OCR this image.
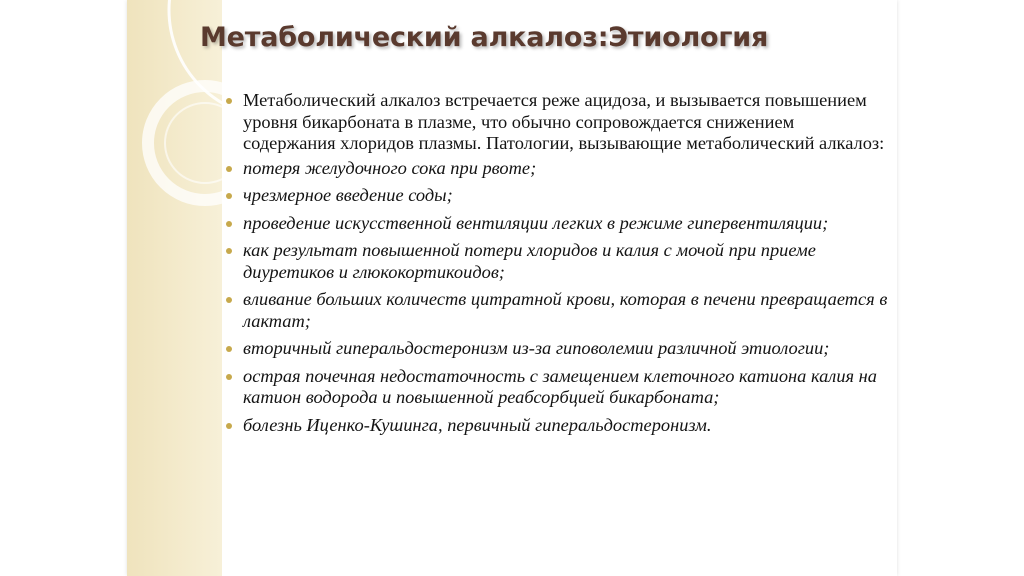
Метаболический алкалоз:Этиология
Метаболический алкалоз встречается реже ацидоза, и вызывается повышением уровня бикарбоната в плазме, что обычно сопровождается снижением содержания хлоридов плазмы. Патологии, вызывающие метаболический алкалоз:
потеря желудочного сока при рвоте;
чрезмерное введение соды;
проведение искусственной вентиляции легких в режиме гипервентиляции;
как результат повышенной потери хлоридов и калия с мочой при приеме диуретиков и глюкокортикоидов;
вливание больших количеств цитратной крови, которая в печени превращается в лактат;
вторичный гиперальдостеронизм из-за гиповолемии различной этиологии;
острая почечная недостаточность с замещением клеточного катиона калия на катион водорода и повышенной реабсорбцией бикарбоната;
болезнь Иценко-Кушинга, первичный гиперальдостеронизм.
